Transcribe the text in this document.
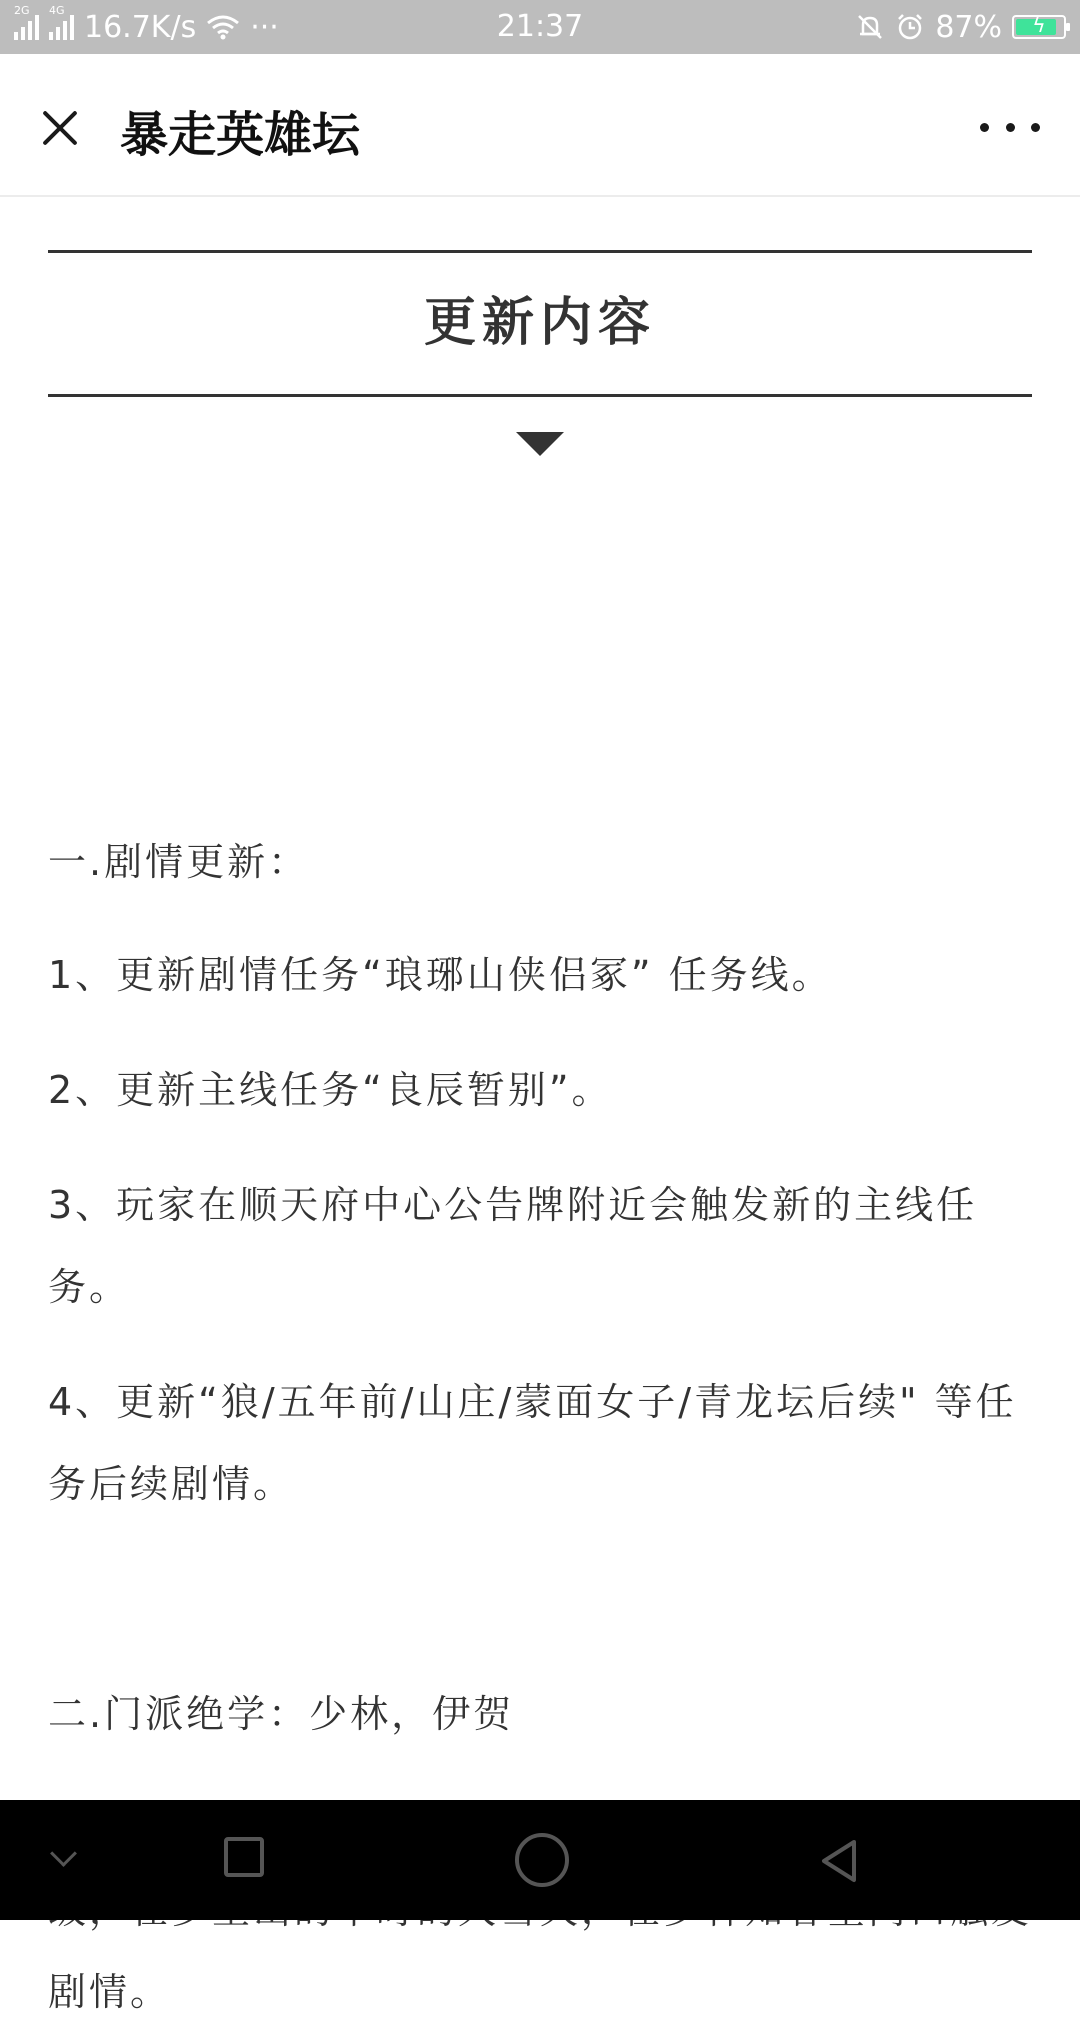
2G 4G 16.7K/s ···	21:37	87%	ϟ
暴走英雄坛
更新内容
一.剧情更新：
1、更新剧情任务“琅琊山侠侣冢” 任务线。
2、更新主线任务“良辰暂别”。
3、玩家在顺天府中心公告牌附近会触发新的主线任务。
4、更新“狼/五年前/山庄/蒙面女子/青龙坛后续" 等任务后续剧情。
二.门派绝学：少林，伊贺
剧情。
